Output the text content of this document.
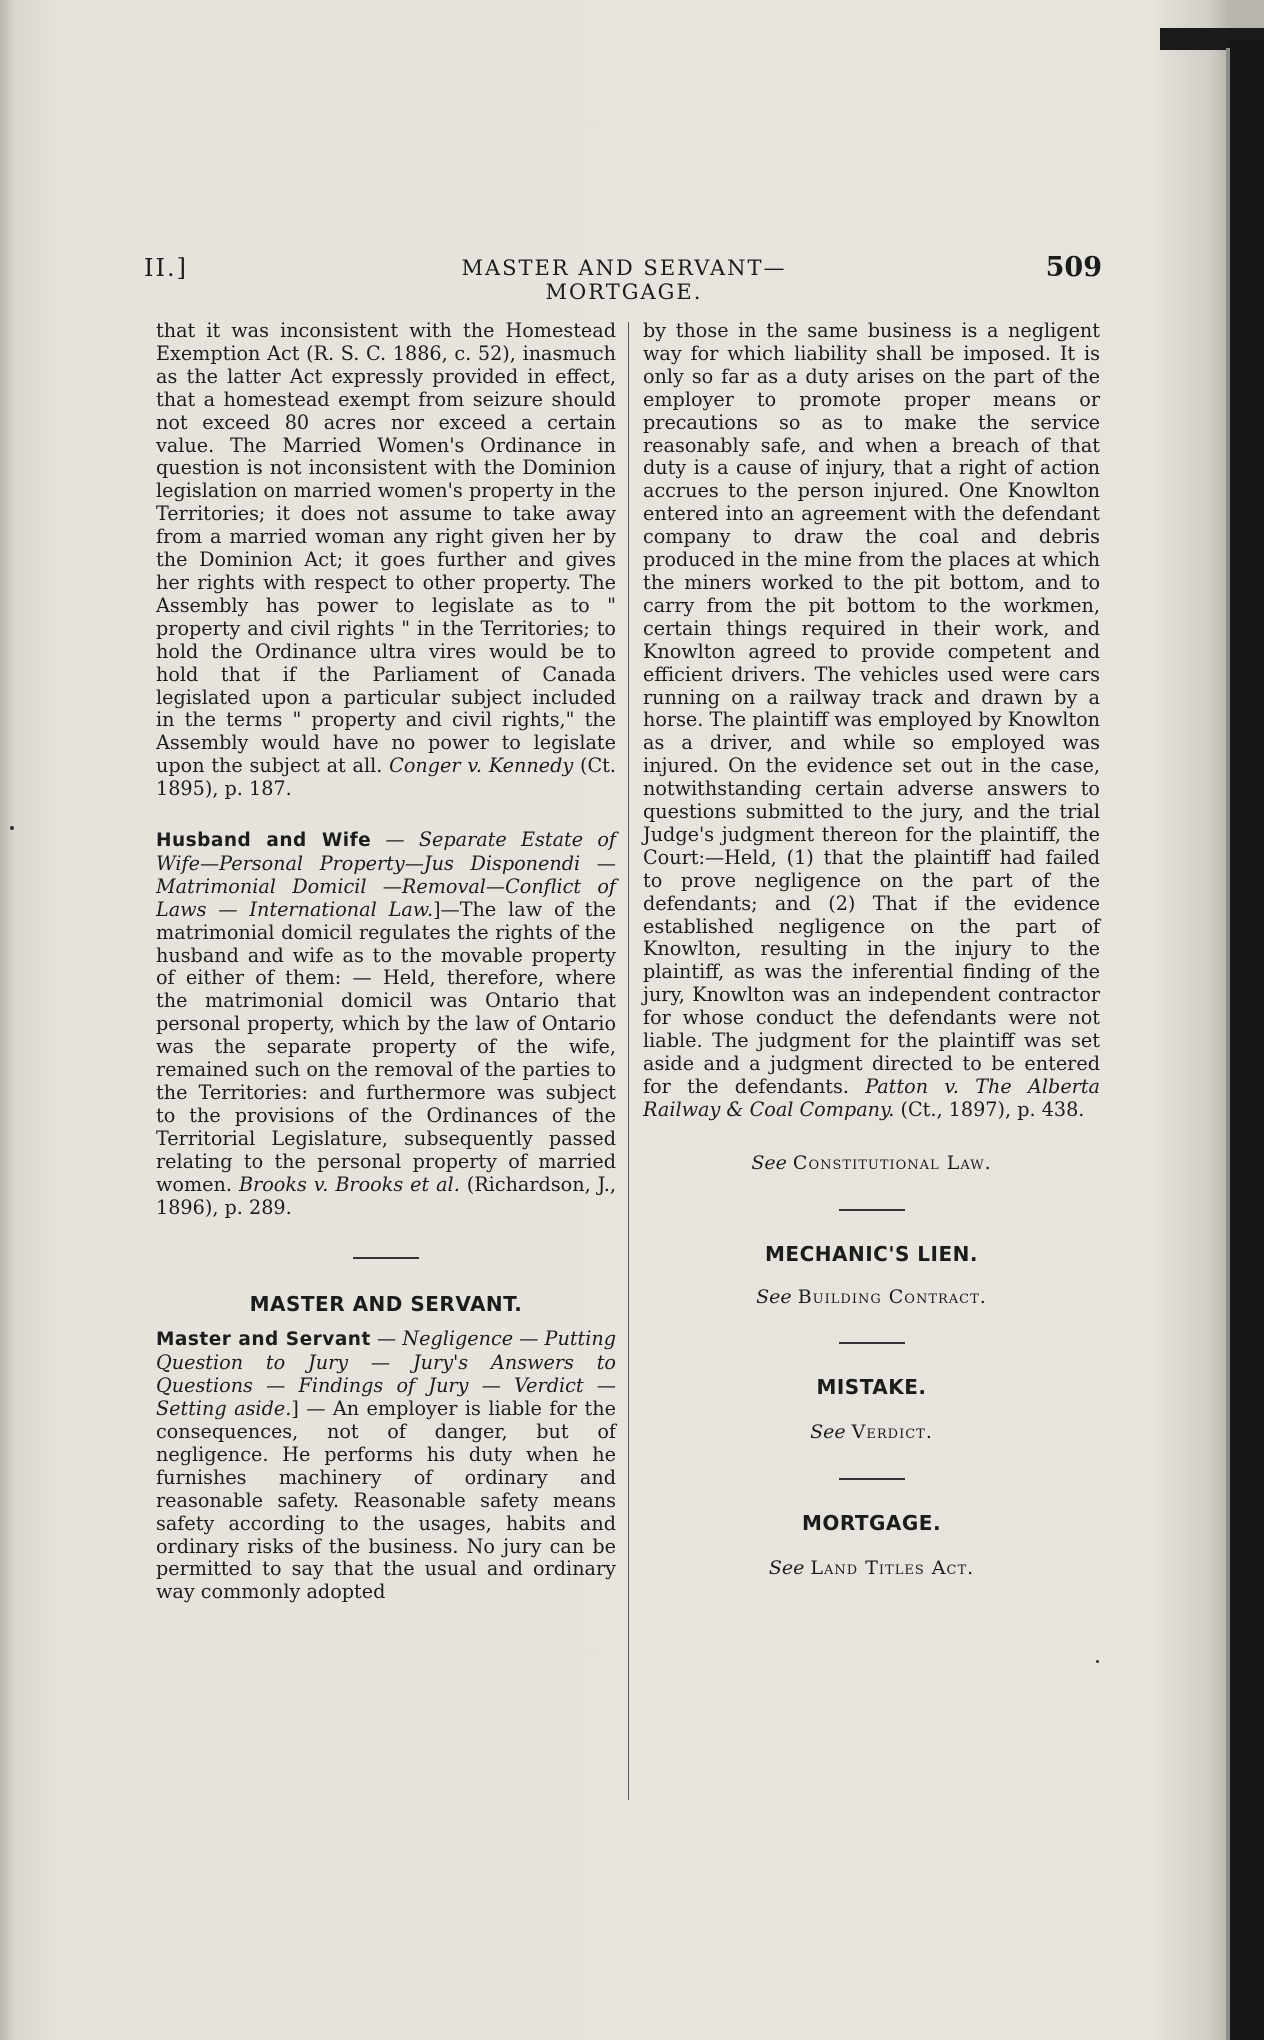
II.]	MASTER AND SERVANT—MORTGAGE.
509

that it was inconsistent with the Homestead Exemption Act (R. S. C. 1886, c. 52), inasmuch as the latter Act expressly provided in effect, that a homestead exempt from seizure should not exceed 80 acres nor exceed a certain value. The Married Women's Ordinance in question is not inconsistent with the Dominion legislation on married women's property in the Territories; it does not assume to take away from a married woman any right given her by the Dominion Act; it goes further and gives her rights with respect to other property. The Assembly has power to legislate as to " property and civil rights " in the Territories; to hold the Ordinance ultra vires would be to hold that if the Parliament of Canada legislated upon a particular subject included in the terms " property and civil rights," the Assembly would have no power to legislate upon the subject at all. Conger v. Kennedy (Ct. 1895), p. 187.

Husband and Wife — Separate Estate of Wife—Personal Property—Jus Disponendi — Matrimonial Domicil —Removal—Conflict of Laws — International Law.]—The law of the matrimonial domicil regulates the rights of the husband and wife as to the movable property of either of them: — Held, therefore, where the matrimonial domicil was Ontario that personal property, which by the law of Ontario was the separate property of the wife, remained such on the removal of the parties to the Territories: and furthermore was subject to the provisions of the Ordinances of the Territorial Legislature, subsequently passed relating to the personal property of married women. Brooks v. Brooks et al. (Richardson, J., 1896), p. 289.

MASTER AND SERVANT.

Master and Servant — Negligence — Putting Question to Jury — Jury's Answers to Questions — Findings of Jury — Verdict — Setting aside.] — An employer is liable for the consequences, not of danger, but of negligence. He performs his duty when he furnishes machinery of ordinary and reasonable safety. Reasonable safety means safety according to the usages, habits and ordinary risks of the business. No jury can be permitted to say that the usual and ordinary way commonly adopted

by those in the same business is a negligent way for which liability shall be imposed. It is only so far as a duty arises on the part of the employer to promote proper means or precautions so as to make the service reasonably safe, and when a breach of that duty is a cause of injury, that a right of action accrues to the person injured. One Knowlton entered into an agreement with the defendant company to draw the coal and debris produced in the mine from the places at which the miners worked to the pit bottom, and to carry from the pit bottom to the workmen, certain things required in their work, and Knowlton agreed to provide competent and efficient drivers. The vehicles used were cars running on a railway track and drawn by a horse. The plaintiff was employed by Knowlton as a driver, and while so employed was injured. On the evidence set out in the case, notwithstanding certain adverse answers to questions submitted to the jury, and the trial Judge's judgment thereon for the plaintiff, the Court:—Held, (1) that the plaintiff had failed to prove negligence on the part of the defendants; and (2) That if the evidence established negligence on the part of Knowlton, resulting in the injury to the plaintiff, as was the inferential finding of the jury, Knowlton was an independent contractor for whose conduct the defendants were not liable. The judgment for the plaintiff was set aside and a judgment directed to be entered for the defendants. Patton v. The Alberta Railway & Coal Company. (Ct., 1897), p. 438.

See Constitutional Law.
MECHANIC'S LIEN.
See Building Contract.
MISTAKE.
See Verdict.
MORTGAGE.
See Land Titles Act.
